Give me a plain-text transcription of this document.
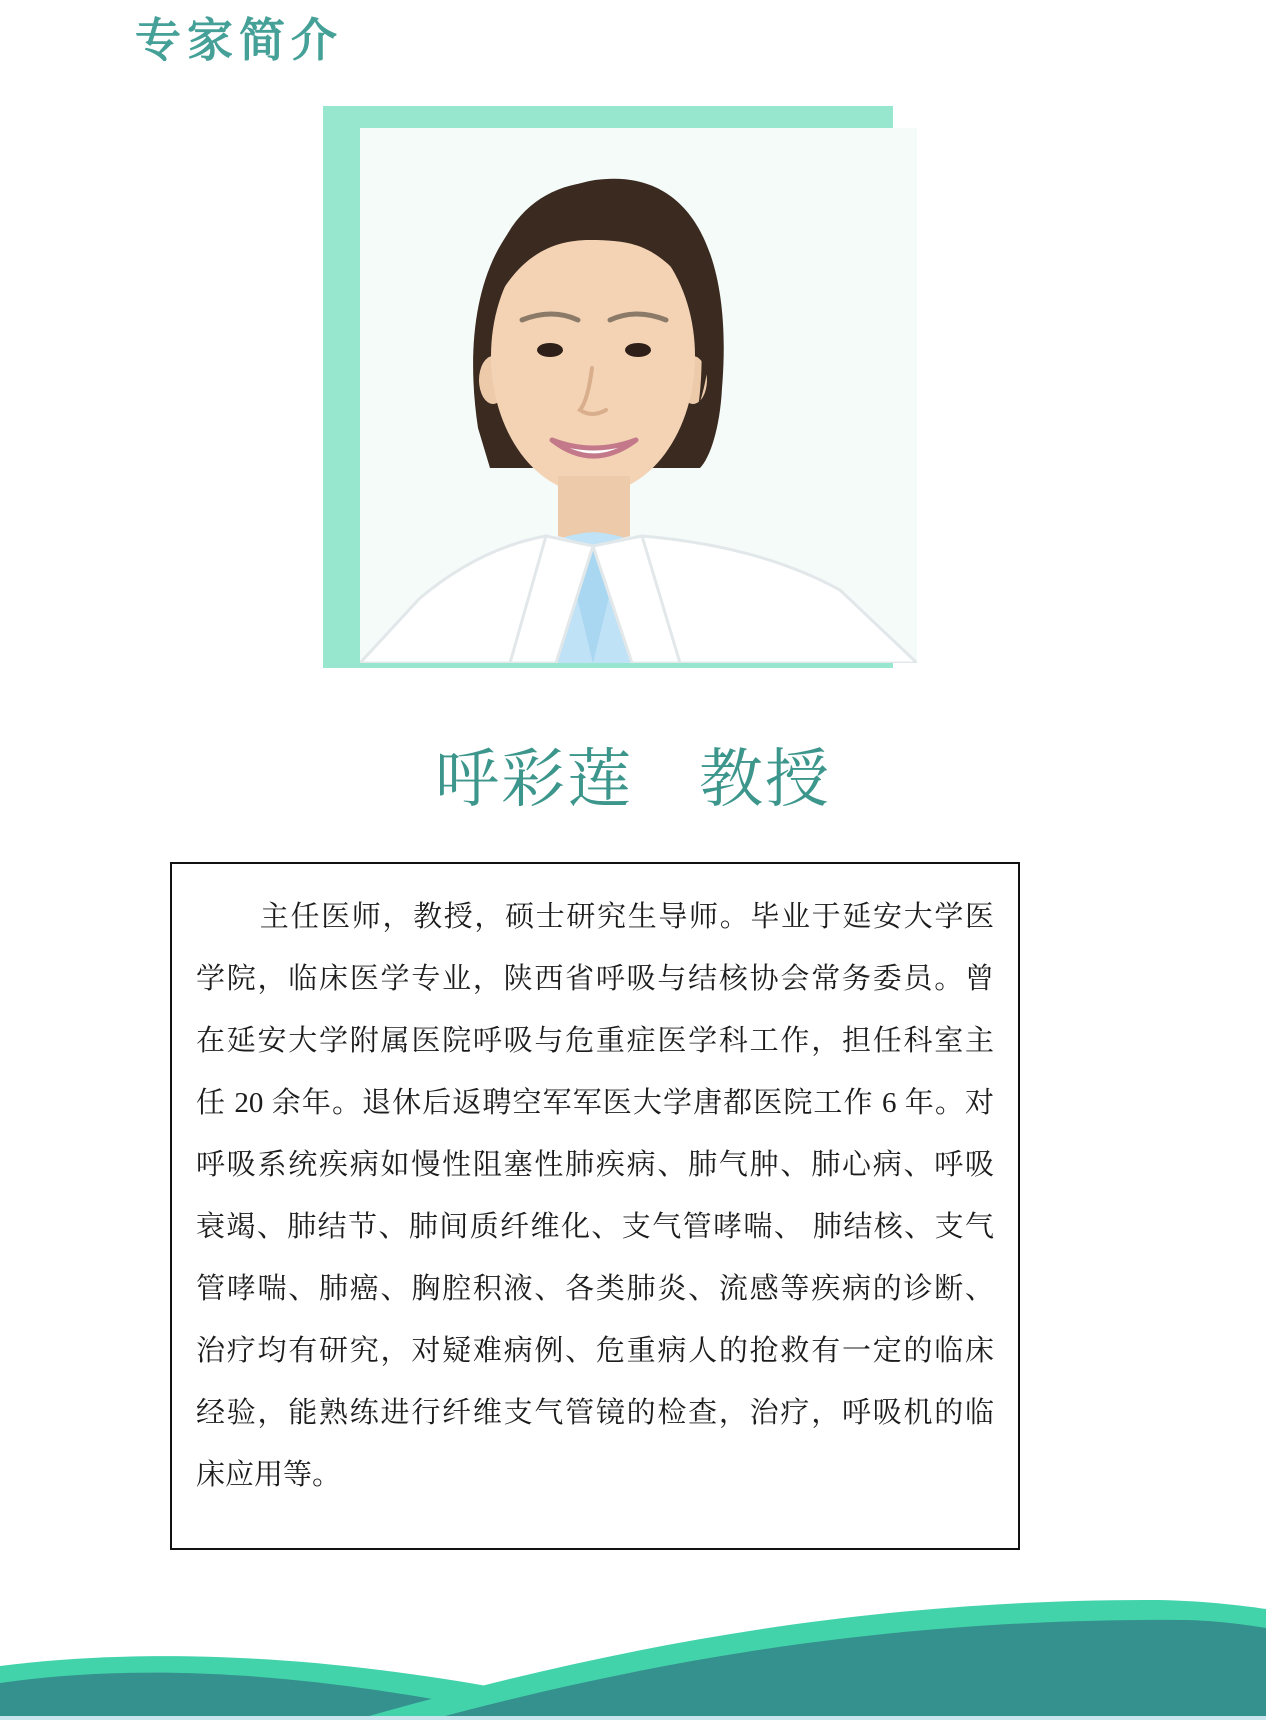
专家简介
呼彩莲　教授
主任医师，教授，硕士研究生导师。毕业于延安大学医
学院，临床医学专业，陕西省呼吸与结核协会常务委员。曾
在延安大学附属医院呼吸与危重症医学科工作，担任科室主
任 20 余年。退休后返聘空军军医大学唐都医院工作 6 年。对
呼吸系统疾病如慢性阻塞性肺疾病、肺气肿、肺心病、呼吸
衰竭、肺结节、肺间质纤维化、支气管哮喘、 肺结核、支气
管哮喘、肺癌、胸腔积液、各类肺炎、流感等疾病的诊断、
治疗均有研究，对疑难病例、危重病人的抢救有一定的临床
经验，能熟练进行纤维支气管镜的检查，治疗，呼吸机的临
床应用等。
